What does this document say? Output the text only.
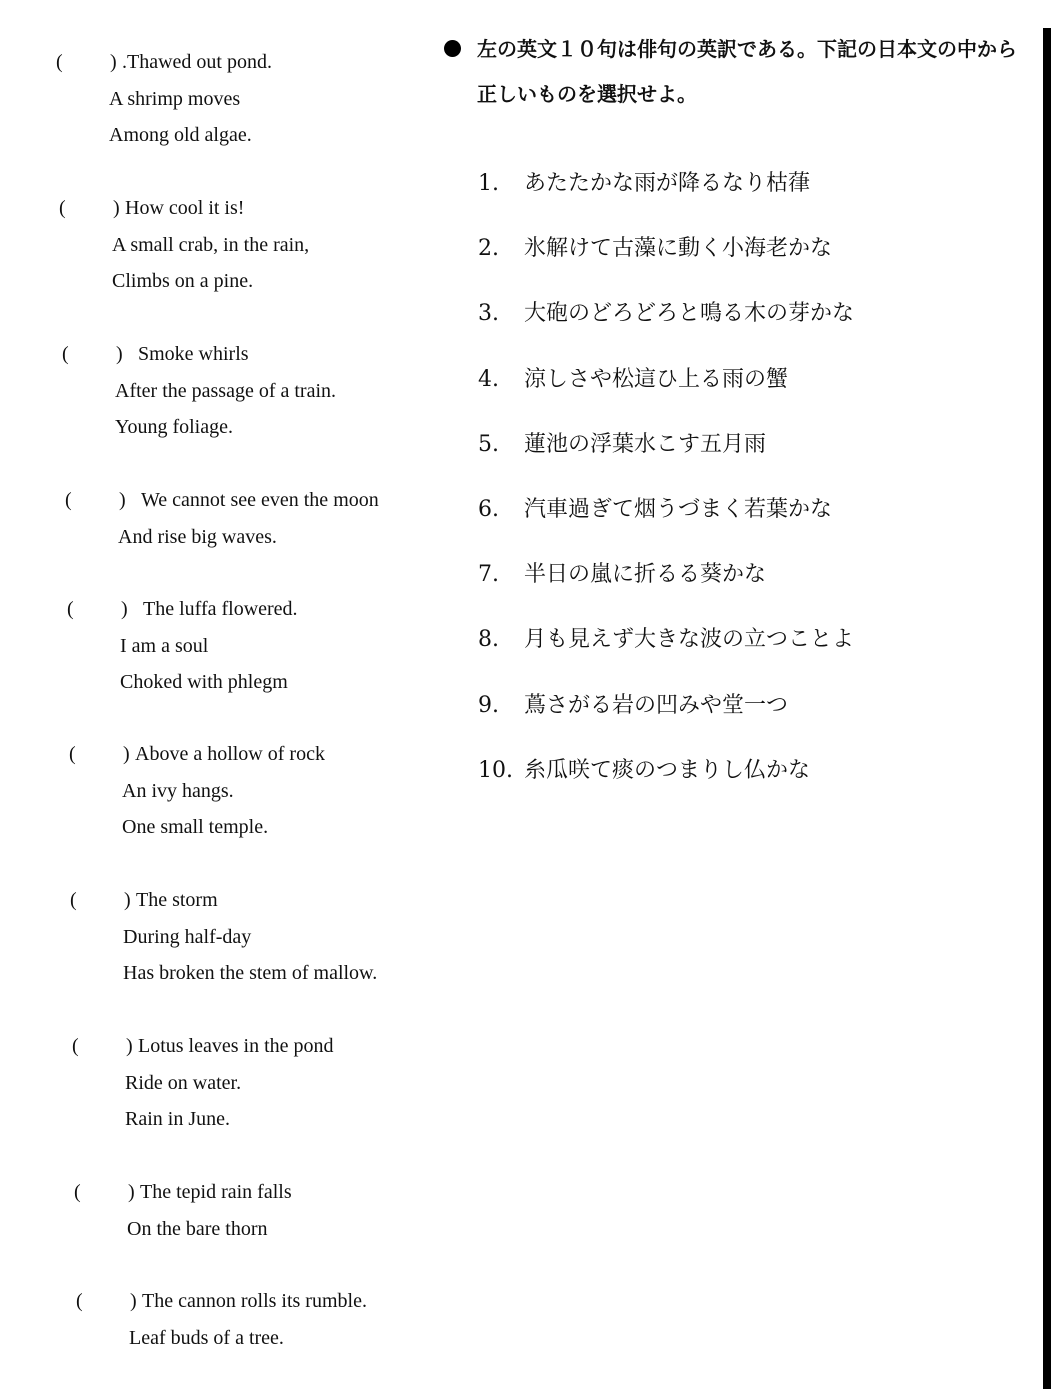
( ) .Thawed out pond.
A shrimp moves
Among old algae.
( ) How cool it is!
A small crab, in the rain,
Climbs on a pine.
( ) Smoke whirls
After the passage of a train.
Young foliage.
( ) We cannot see even the moon
And rise big waves.
( ) The luffa flowered.
I am a soul
Choked with phlegm
( ) Above a hollow of rock
An ivy hangs.
One small temple.
( ) The storm
During half-day
Has broken the stem of mallow.
( ) Lotus leaves in the pond
Ride on water.
Rain in June.
( ) The tepid rain falls
On the bare thorn
( ) The cannon rolls its rumble.
Leaf buds of a tree.
左の英文１０句は俳句の英訳である。下記の日本文の中から
正しいものを選択せよ。
1. あたたかな雨が降るなり枯葎
2. 氷解けて古藻に動く小海老かな
3. 大砲のどろどろと鳴る木の芽かな
4. 涼しさや松這ひ上る雨の蟹
5. 蓮池の浮葉水こす五月雨
6. 汽車過ぎて烟うづまく若葉かな
7. 半日の嵐に折るる葵かな
8. 月も見えず大きな波の立つことよ
9. 蔦さがる岩の凹みや堂一つ
10. 糸瓜咲て痰のつまりし仏かな
